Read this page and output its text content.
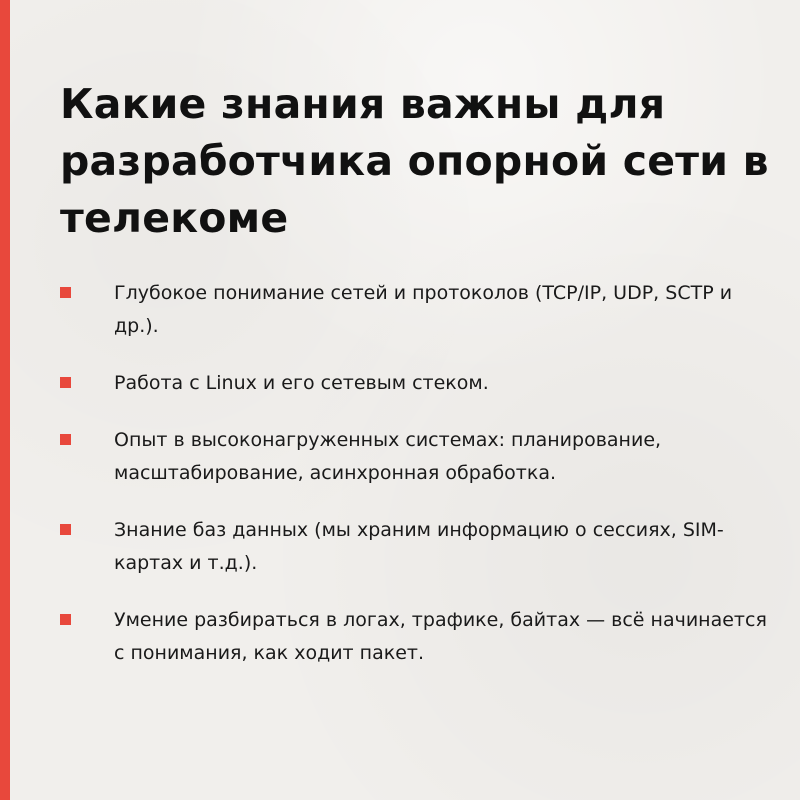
Какие знания важны для разработчика опорной сети в телекоме
Глубокое понимание сетей и протоколов (TCP/IP, UDP, SCTP и др.).
Работа с Linux и его сетевым стеком.
Опыт в высоконагруженных системах: планирование, масштабирование, асинхронная обработка.
Знание баз данных (мы храним информацию о сессиях, SIM-картах и т.д.).
Умение разбираться в логах, трафике, байтах — всё начинается с понимания, как ходит пакет.
